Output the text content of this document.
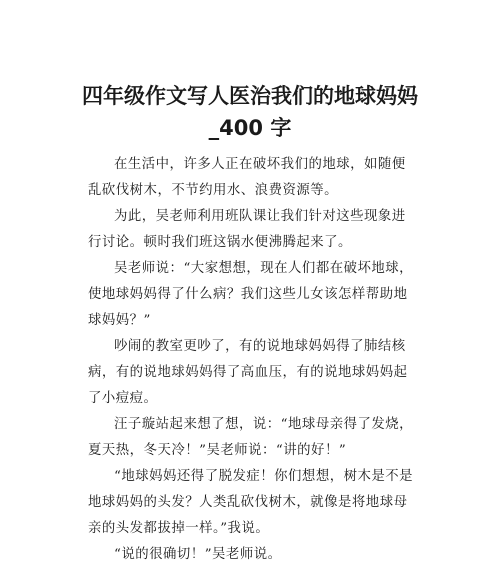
四年级作文写人医治我们的地球妈妈
_400 字

在生活中，许多人正在破坏我们的地球，如随便乱砍伐树木，不节约用水、浪费资源等。

为此，吴老师利用班队课让我们针对这些现象进行讨论。顿时我们班这锅水便沸腾起来了。

吴老师说：“大家想想，现在人们都在破坏地球，使地球妈妈得了什么病？我们这些儿女该怎样帮助地球妈妈？”

吵闹的教室更吵了，有的说地球妈妈得了肺结核病，有的说地球妈妈得了高血压，有的说地球妈妈起了小痘痘。

汪子璇站起来想了想，说：“地球母亲得了发烧，夏天热，冬天冷！”吴老师说：“讲的好！”

“地球妈妈还得了脱发症！你们想想，树木是不是地球妈妈的头发？人类乱砍伐树木，就像是将地球母亲的头发都拔掉一样。”我说。

“说的很确切！”吴老师说。
